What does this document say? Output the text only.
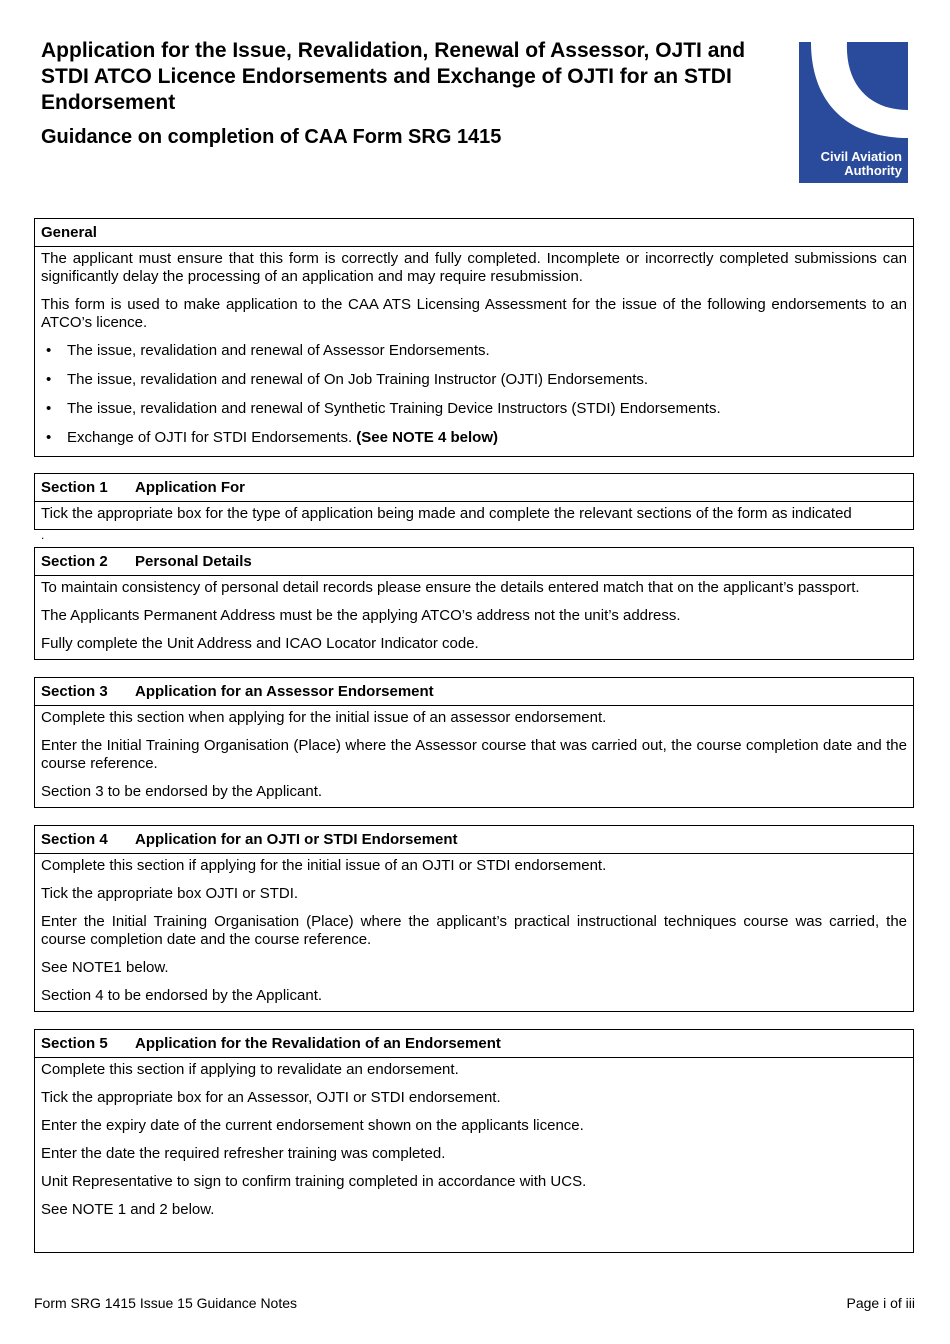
Application for the Issue, Revalidation, Renewal of Assessor, OJTI and STDI ATCO Licence Endorsements and Exchange of OJTI for an STDI Endorsement
Guidance on completion of CAA Form SRG 1415
Civil Aviation
Authority
General

The applicant must ensure that this form is correctly and fully completed. Incomplete or incorrectly completed submissions can significantly delay the processing of an application and may require resubmission.

This form is used to make application to the CAA ATS Licensing Assessment for the issue of the following endorsements to an ATCO’s licence.

• The issue, revalidation and renewal of Assessor Endorsements.
• The issue, revalidation and renewal of On Job Training Instructor (OJTI) Endorsements.
• The issue, revalidation and renewal of Synthetic Training Device Instructors (STDI) Endorsements.
• Exchange of OJTI for STDI Endorsements. (See NOTE 4 below)
Section 1 Application For

Tick the appropriate box for the type of application being made and complete the relevant sections of the form as indicated

.
Section 2 Personal Details

To maintain consistency of personal detail records please ensure the details entered match that on the applicant’s passport.

The Applicants Permanent Address must be the applying ATCO’s address not the unit’s address.

Fully complete the Unit Address and ICAO Locator Indicator code.

Section 3 Application for an Assessor Endorsement

Complete this section when applying for the initial issue of an assessor endorsement.

Enter the Initial Training Organisation (Place) where the Assessor course that was carried out, the course completion date and the course reference.

Section 3 to be endorsed by the Applicant.

Section 4 Application for an OJTI or STDI Endorsement

Complete this section if applying for the initial issue of an OJTI or STDI endorsement.

Tick the appropriate box OJTI or STDI.

Enter the Initial Training Organisation (Place) where the applicant’s practical instructional techniques course was carried, the course completion date and the course reference.

See NOTE1 below.

Section 4 to be endorsed by the Applicant.

Section 5 Application for the Revalidation of an Endorsement

Complete this section if applying to revalidate an endorsement.

Tick the appropriate box for an Assessor, OJTI or STDI endorsement.

Enter the expiry date of the current endorsement shown on the applicants licence.

Enter the date the required refresher training was completed.

Unit Representative to sign to confirm training completed in accordance with UCS.

See NOTE 1 and 2 below.

Form SRG 1415 Issue 15 Guidance Notes	Page i of iii
